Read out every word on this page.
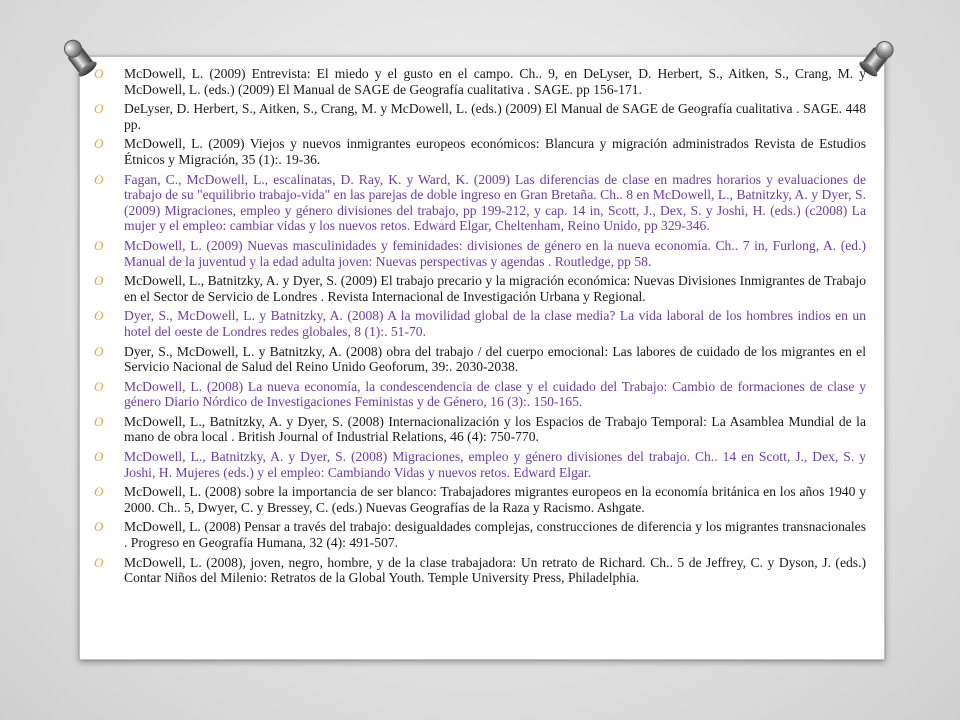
O	McDowell, L. (2009) Entrevista: El miedo y el gusto en el campo. Ch.. 9, en DeLyser, D. Herbert, S., Aitken, S., Crang, M. y McDowell, L. (eds.) (2009) El Manual de SAGE de Geografía cualitativa . SAGE. pp 156-171.
O	DeLyser, D. Herbert, S., Aitken, S., Crang, M. y McDowell, L. (eds.) (2009) El Manual de SAGE de Geografía cualitativa . SAGE. 448 pp.
O	McDowell, L. (2009) Viejos y nuevos inmigrantes europeos económicos: Blancura y migración administrados Revista de Estudios Étnicos y Migración, 35 (1):. 19-36.
O	Fagan, C., McDowell, L., escalinatas, D. Ray, K. y Ward, K. (2009) Las diferencias de clase en madres horarios y evaluaciones de trabajo de su "equilibrio trabajo-vida" en las parejas de doble ingreso en Gran Bretaña. Ch.. 8 en McDowell, L., Batnitzky, A. y Dyer, S. (2009) Migraciones, empleo y género divisiones del trabajo, pp 199-212, y cap. 14 in, Scott, J., Dex, S. y Joshi, H. (eds.) (c2008) La mujer y el empleo: cambiar vidas y los nuevos retos. Edward Elgar, Cheltenham, Reino Unido, pp 329-346.
O	McDowell, L. (2009) Nuevas masculinidades y feminidades: divisiones de género en la nueva economía. Ch.. 7 in, Furlong, A. (ed.) Manual de la juventud y la edad adulta joven: Nuevas perspectivas y agendas . Routledge, pp 58.
O	McDowell, L., Batnitzky, A. y Dyer, S. (2009) El trabajo precario y la migración económica: Nuevas Divisiones Inmigrantes de Trabajo en el Sector de Servicio de Londres . Revista Internacional de Investigación Urbana y Regional.
O	Dyer, S., McDowell, L. y Batnitzky, A. (2008) A la movilidad global de la clase media? La vida laboral de los hombres indios en un hotel del oeste de Londres redes globales, 8 (1):. 51-70.
O	Dyer, S., McDowell, L. y Batnitzky, A. (2008) obra del trabajo / del cuerpo emocional: Las labores de cuidado de los migrantes en el Servicio Nacional de Salud del Reino Unido Geoforum, 39:. 2030-2038.
O	McDowell, L. (2008) La nueva economía, la condescendencia de clase y el cuidado del Trabajo: Cambio de formaciones de clase y género Diario Nórdico de Investigaciones Feministas y de Género, 16 (3):. 150-165.
O	McDowell, L., Batnitzky, A. y Dyer, S. (2008) Internacionalización y los Espacios de Trabajo Temporal: La Asamblea Mundial de la mano de obra local . British Journal of Industrial Relations, 46 (4): 750-770.
O	McDowell, L., Batnitzky, A. y Dyer, S. (2008) Migraciones, empleo y género divisiones del trabajo. Ch.. 14 en Scott, J., Dex, S. y Joshi, H. Mujeres (eds.) y el empleo: Cambiando Vidas y nuevos retos. Edward Elgar.
O	McDowell, L. (2008) sobre la importancia de ser blanco: Trabajadores migrantes europeos en la economía británica en los años 1940 y 2000. Ch.. 5, Dwyer, C. y Bressey, C. (eds.) Nuevas Geografías de la Raza y Racismo. Ashgate.
O	McDowell, L. (2008) Pensar a través del trabajo: desigualdades complejas, construcciones de diferencia y los migrantes transnacionales . Progreso en Geografía Humana, 32 (4): 491-507.
O	McDowell, L. (2008), joven, negro, hombre, y de la clase trabajadora: Un retrato de Richard. Ch.. 5 de Jeffrey, C. y Dyson, J. (eds.) Contar Niños del Milenio: Retratos de la Global Youth. Temple University Press, Philadelphia.
